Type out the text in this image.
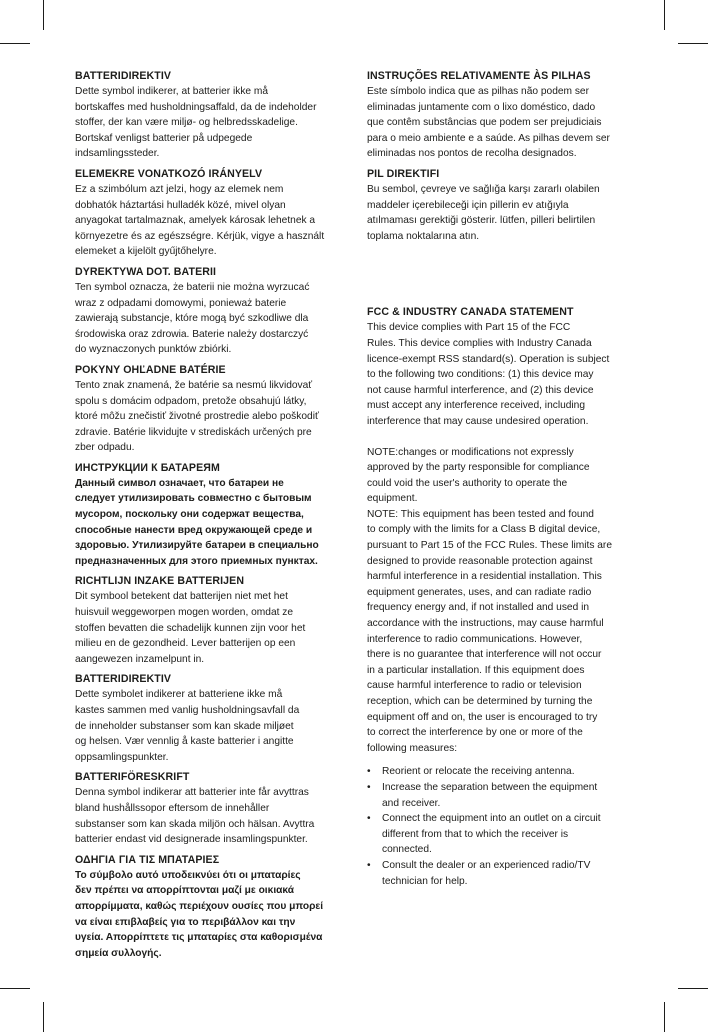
BATTERIDIREKTIV

Dette symbol indikerer, at batterier ikke må
bortskaffes med husholdningsaffald, da de indeholder
stoffer, der kan være miljø- og helbredsskadelige.
Bortskaf venligst batterier på udpegede
indsamlingssteder.

ELEMEKRE VONATKOZÓ IRÁNYELV

Ez a szimbólum azt jelzi, hogy az elemek nem
dobhatók háztartási hulladék közé, mivel olyan
anyagokat tartalmaznak, amelyek károsak lehetnek a
környezetre és az egészségre. Kérjük, vigye a használt
elemeket a kijelölt gyűjtőhelyre.

DYREKTYWA DOT. BATERII

Ten symbol oznacza, że baterii nie można wyrzucać
wraz z odpadami domowymi, ponieważ baterie
zawierają substancje, które mogą być szkodliwe dla
środowiska oraz zdrowia. Baterie należy dostarczyć
do wyznaczonych punktów zbiórki.

POKYNY OHĽADNE BATÉRIE

Tento znak znamená, že batérie sa nesmú likvidovať
spolu s domácim odpadom, pretože obsahujú látky,
ktoré môžu znečistiť životné prostredie alebo poškodiť
zdravie. Batérie likvidujte v strediskách určených pre
zber odpadu.

ИНСТРУКЦИИ К БАТАРЕЯМ

Данный символ означает, что батареи не
следует утилизировать совместно с бытовым
мусором, поскольку они содержат вещества,
способные нанести вред окружающей среде и
здоровью. Утилизируйте батареи в специально
предназначенных для этого приемных пунктах.

RICHTLIJN INZAKE BATTERIJEN

Dit symbool betekent dat batterijen niet met het
huisvuil weggeworpen mogen worden, omdat ze
stoffen bevatten die schadelijk kunnen zijn voor het
milieu en de gezondheid. Lever batterijen op een
aangewezen inzamelpunt in.

BATTERIDIREKTIV

Dette symbolet indikerer at batteriene ikke må
kastes sammen med vanlig husholdningsavfall da
de inneholder substanser som kan skade miljøet
og helsen. Vær vennlig å kaste batterier i angitte
oppsamlingspunkter.

BATTERIFÖRESKRIFT

Denna symbol indikerar att batterier inte får avyttras
bland hushållssopor eftersom de innehåller
substanser som kan skada miljön och hälsan. Avyttra
batterier endast vid designerade insamlingspunkter.

ΟΔΗΓΙΑ ΓΙΑ ΤΙΣ ΜΠΑΤΑΡΙΕΣ

Το σύμβολο αυτό υποδεικνύει ότι οι μπαταρίες
δεν πρέπει να απορρίπτονται μαζί με οικιακά
απορρίμματα, καθώς περιέχουν ουσίες που μπορεί
να είναι επιβλαβείς για το περιβάλλον και την
υγεία. Απορρίπτετε τις μπαταρίες στα καθορισμένα
σημεία συλλογής.

INSTRUÇÕES RELATIVAMENTE ÀS PILHAS

Este símbolo indica que as pilhas não podem ser
eliminadas juntamente com o lixo doméstico, dado
que contêm substâncias que podem ser prejudiciais
para o meio ambiente e a saúde. As pilhas devem ser
eliminadas nos pontos de recolha designados.

PIL DIREKTIFI

Bu sembol, çevreye ve sağlığa karşı zararlı olabilen
maddeler içerebileceği için pillerin ev atığıyla
atılmaması gerektiği gösterir. lütfen, pilleri belirtilen
toplama noktalarına atın.

FCC & INDUSTRY CANADA STATEMENT

This device complies with Part 15 of the FCC
Rules. This device complies with Industry Canada
licence-exempt RSS standard(s). Operation is subject
to the following two conditions: (1) this device may
not cause harmful interference, and (2) this device
must accept any interference received, including
interference that may cause undesired operation.

NOTE:changes or modifications not expressly
approved by the party responsible for compliance
could void the user's authority to operate the
equipment.

NOTE: This equipment has been tested and found
to comply with the limits for a Class B digital device,
pursuant to Part 15 of the FCC Rules. These limits are
designed to provide reasonable protection against
harmful interference in a residential installation. This
equipment generates, uses, and can radiate radio
frequency energy and, if not installed and used in
accordance with the instructions, may cause harmful
interference to radio communications. However,
there is no guarantee that interference will not occur
in a particular installation. If this equipment does
cause harmful interference to radio or television
reception, which can be determined by turning the
equipment off and on, the user is encouraged to try
to correct the interference by one or more of the
following measures:

• Reorient or relocate the receiving antenna.
• Increase the separation between the equipment
and receiver.
• Connect the equipment into an outlet on a circuit
different from that to which the receiver is
connected.
• Consult the dealer or an experienced radio/TV
technician for help.
